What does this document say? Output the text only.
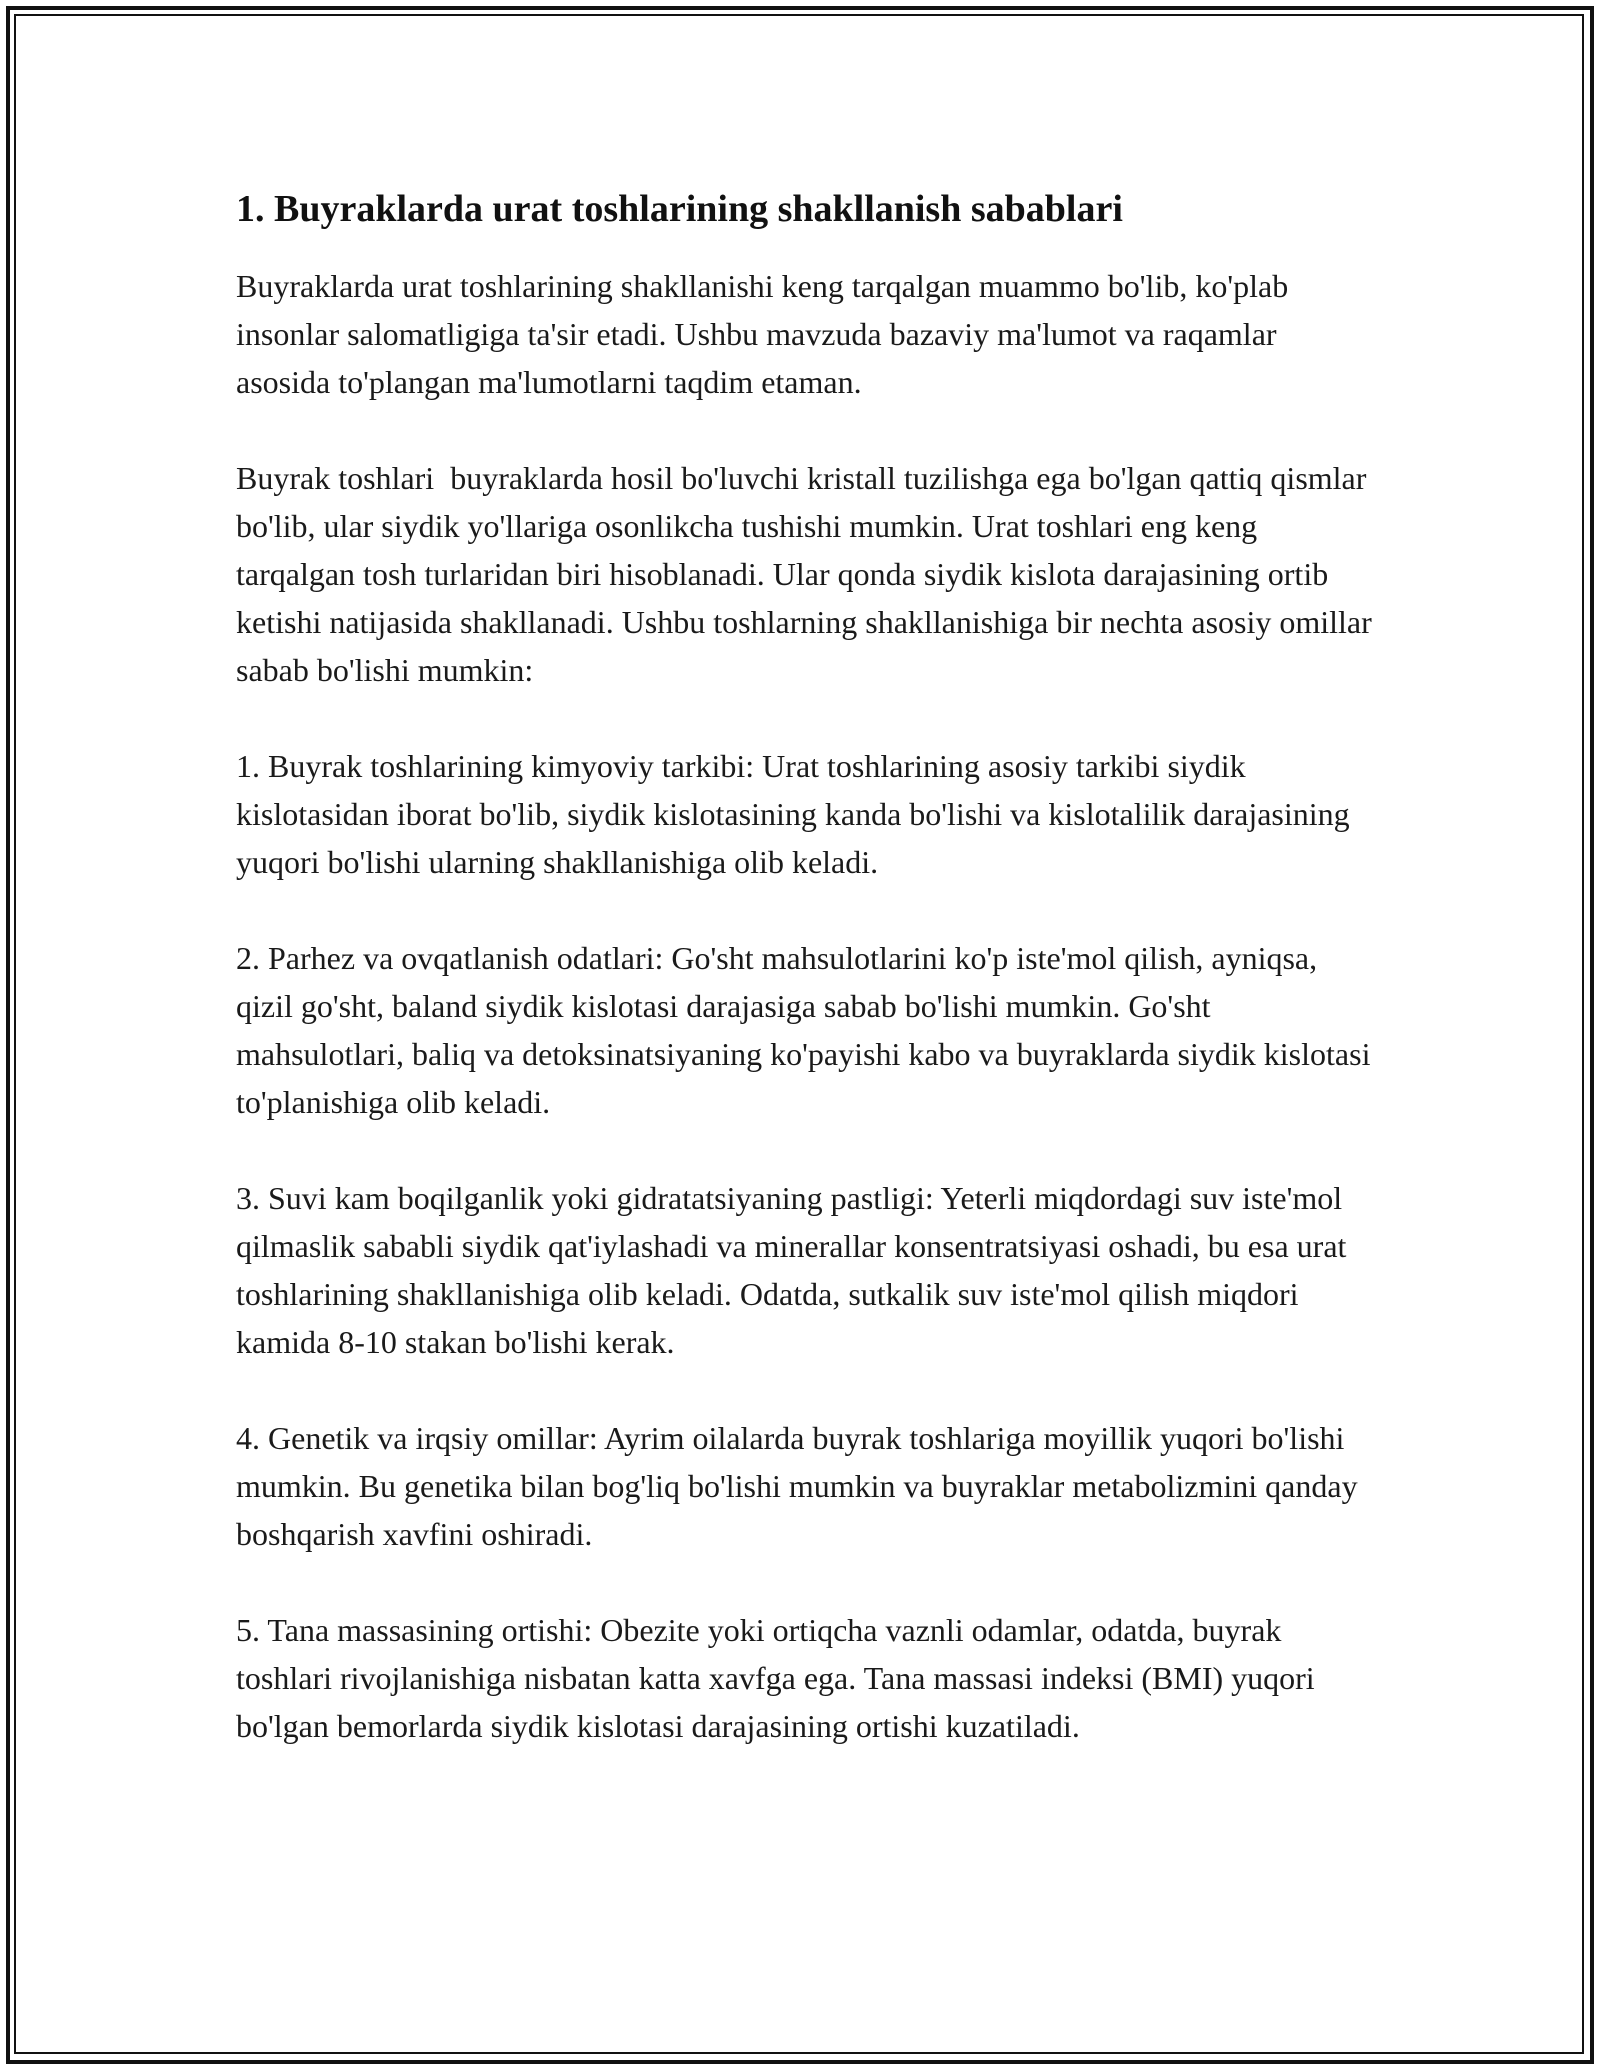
1. Buyraklarda urat toshlarining shakllanish sabablari

Buyraklarda urat toshlarining shakllanishi keng tarqalgan muammo bo'lib, ko'plab insonlar salomatligiga ta'sir etadi. Ushbu mavzuda bazaviy ma'lumot va raqamlar asosida to'plangan ma'lumotlarni taqdim etaman.

Buyrak toshlari  buyraklarda hosil bo'luvchi kristall tuzilishga ega bo'lgan qattiq qismlar bo'lib, ular siydik yo'llariga osonlikcha tushishi mumkin. Urat toshlari eng keng tarqalgan tosh turlaridan biri hisoblanadi. Ular qonda siydik kislota darajasining ortib ketishi natijasida shakllanadi. Ushbu toshlarning shakllanishiga bir nechta asosiy omillar sabab bo'lishi mumkin:

1. Buyrak toshlarining kimyoviy tarkibi: Urat toshlarining asosiy tarkibi siydik kislotasidan iborat bo'lib, siydik kislotasining kanda bo'lishi va kislotalilik darajasining yuqori bo'lishi ularning shakllanishiga olib keladi.

2. Parhez va ovqatlanish odatlari: Go'sht mahsulotlarini ko'p iste'mol qilish, ayniqsa, qizil go'sht, baland siydik kislotasi darajasiga sabab bo'lishi mumkin. Go'sht mahsulotlari, baliq va detoksinatsiyaning ko'payishi kabo va buyraklarda siydik kislotasi to'planishiga olib keladi.

3. Suvi kam boqilganlik yoki gidratatsiyaning pastligi: Yeterli miqdordagi suv iste'mol qilmaslik sababli siydik qat'iylashadi va minerallar konsentratsiyasi oshadi, bu esa urat toshlarining shakllanishiga olib keladi. Odatda, sutkalik suv iste'mol qilish miqdori kamida 8-10 stakan bo'lishi kerak.

4. Genetik va irqsiy omillar: Ayrim oilalarda buyrak toshlariga moyillik yuqori bo'lishi mumkin. Bu genetika bilan bog'liq bo'lishi mumkin va buyraklar metabolizmini qanday boshqarish xavfini oshiradi.

5. Tana massasining ortishi: Obezite yoki ortiqcha vaznli odamlar, odatda, buyrak toshlari rivojlanishiga nisbatan katta xavfga ega. Tana massasi indeksi (BMI) yuqori bo'lgan bemorlarda siydik kislotasi darajasining ortishi kuzatiladi.
